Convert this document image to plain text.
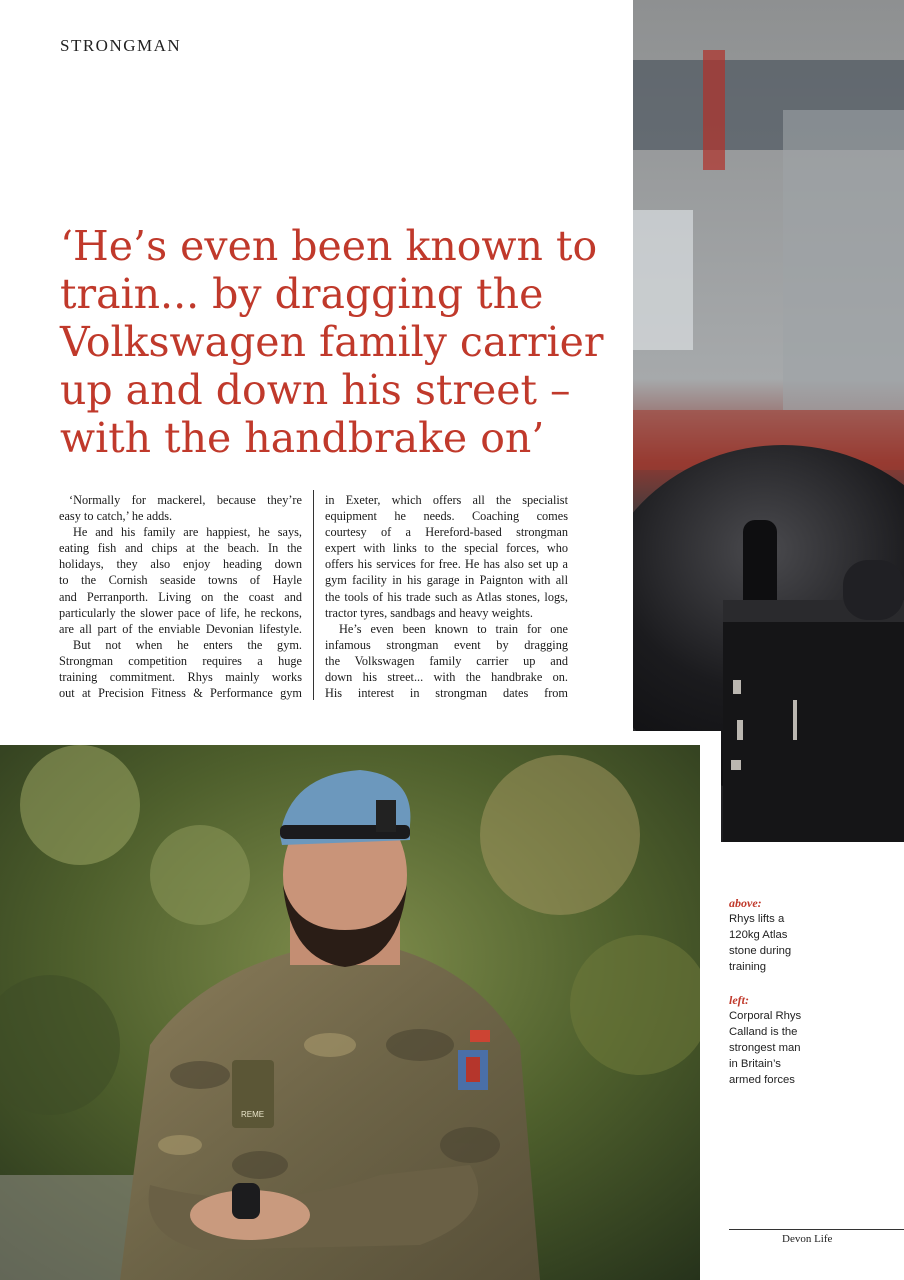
STRONGMAN
‘He’s even been known to
train... by dragging the
Volkswagen family carrier
up and down his street –
with the handbrake on’

‘Normally for mackerel, because they’re

easy to catch,’ he adds.

He and his family are happiest, he says,

eating fish and chips at the beach. In the

holidays, they also enjoy heading down

to the Cornish seaside towns of Hayle

and Perranporth. Living on the coast and

particularly the slower pace of life, he reckons,

are all part of the enviable Devonian lifestyle.

But not when he enters the gym.

Strongman competition requires a huge

training commitment. Rhys mainly works

out at Precision Fitness & Performance gym

in Exeter, which offers all the specialist

equipment he needs. Coaching comes

courtesy of a Hereford-based strongman

expert with links to the special forces, who

offers his services for free. He has also set up a

gym facility in his garage in Paignton with all

the tools of his trade such as Atlas stones, logs,

tractor tyres, sandbags and heavy weights.

He’s even been known to train for one

infamous strongman event by dragging

the Volkswagen family carrier up and

down his street... with the handbrake on.

His interest in strongman dates from

REME
above:
Rhys lifts a
120kg Atlas
stone during
training
left:
Corporal Rhys
Calland is the
strongest man
in Britain’s
armed forces
Devon Life
